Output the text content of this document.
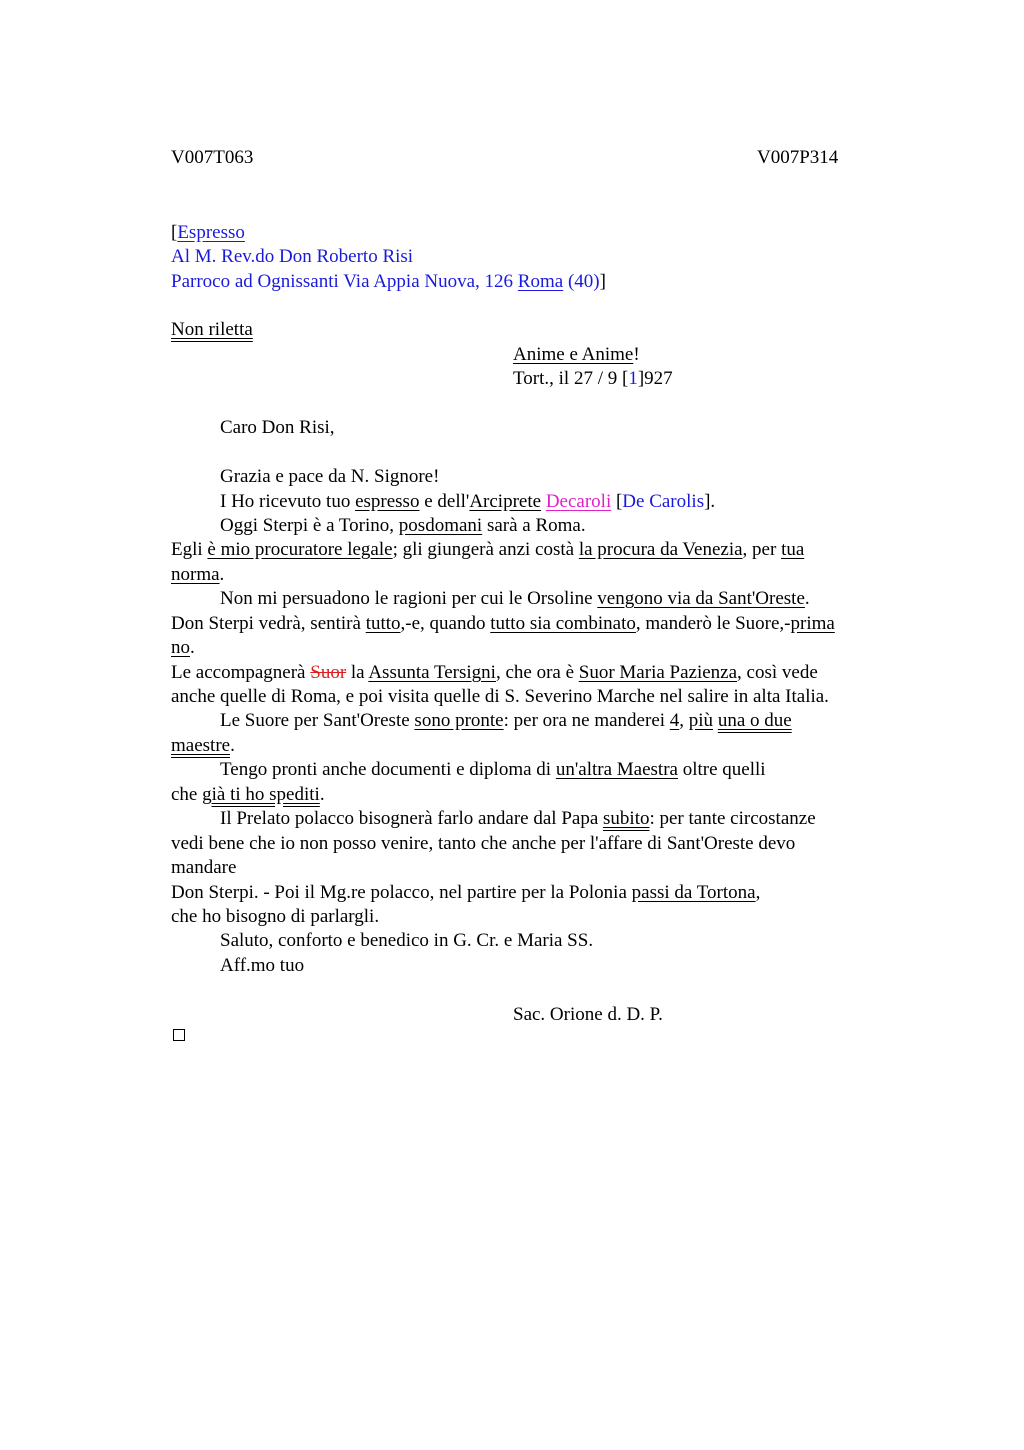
V007T063	V007P314
[Espresso
Al M. Rev.do Don Roberto Risi
Parroco ad Ognissanti Via Appia Nuova, 126 Roma (40)]
Non riletta
Anime e Anime!
Tort., il 27 / 9 [1]927
Caro Don Risi,
Grazia e pace da N. Signore!
I Ho ricevuto tuo espresso e dell'Arciprete Decaroli [De Carolis].
Oggi Sterpi è a Torino, posdomani sarà a Roma.
Egli è mio procuratore legale; gli giungerà anzi costà la procura da Venezia, per tua
norma.
Non mi persuadono le ragioni per cui le Orsoline vengono via da Sant'Oreste.
Don Sterpi vedrà, sentirà tutto,-e, quando tutto sia combinato, manderò le Suore,-prima
no.
Le accompagnerà Suor la Assunta Tersigni, che ora è Suor Maria Pazienza, così vede
anche quelle di Roma, e poi visita quelle di S. Severino Marche nel salire in alta Italia.
Le Suore per Sant'Oreste sono pronte: per ora ne manderei 4, più una o due
maestre.
Tengo pronti anche documenti e diploma di un'altra Maestra oltre quelli
che già ti ho spediti.
Il Prelato polacco bisognerà farlo andare dal Papa subito: per tante circostanze
vedi bene che io non posso venire, tanto che anche per l'affare di Sant'Oreste devo
mandare
Don Sterpi. - Poi il Mg.re polacco, nel partire per la Polonia passi da Tortona,
che ho bisogno di parlargli.
Saluto, conforto e benedico in G. Cr. e Maria SS.
Aff.mo tuo
Sac. Orione d. D. P.
